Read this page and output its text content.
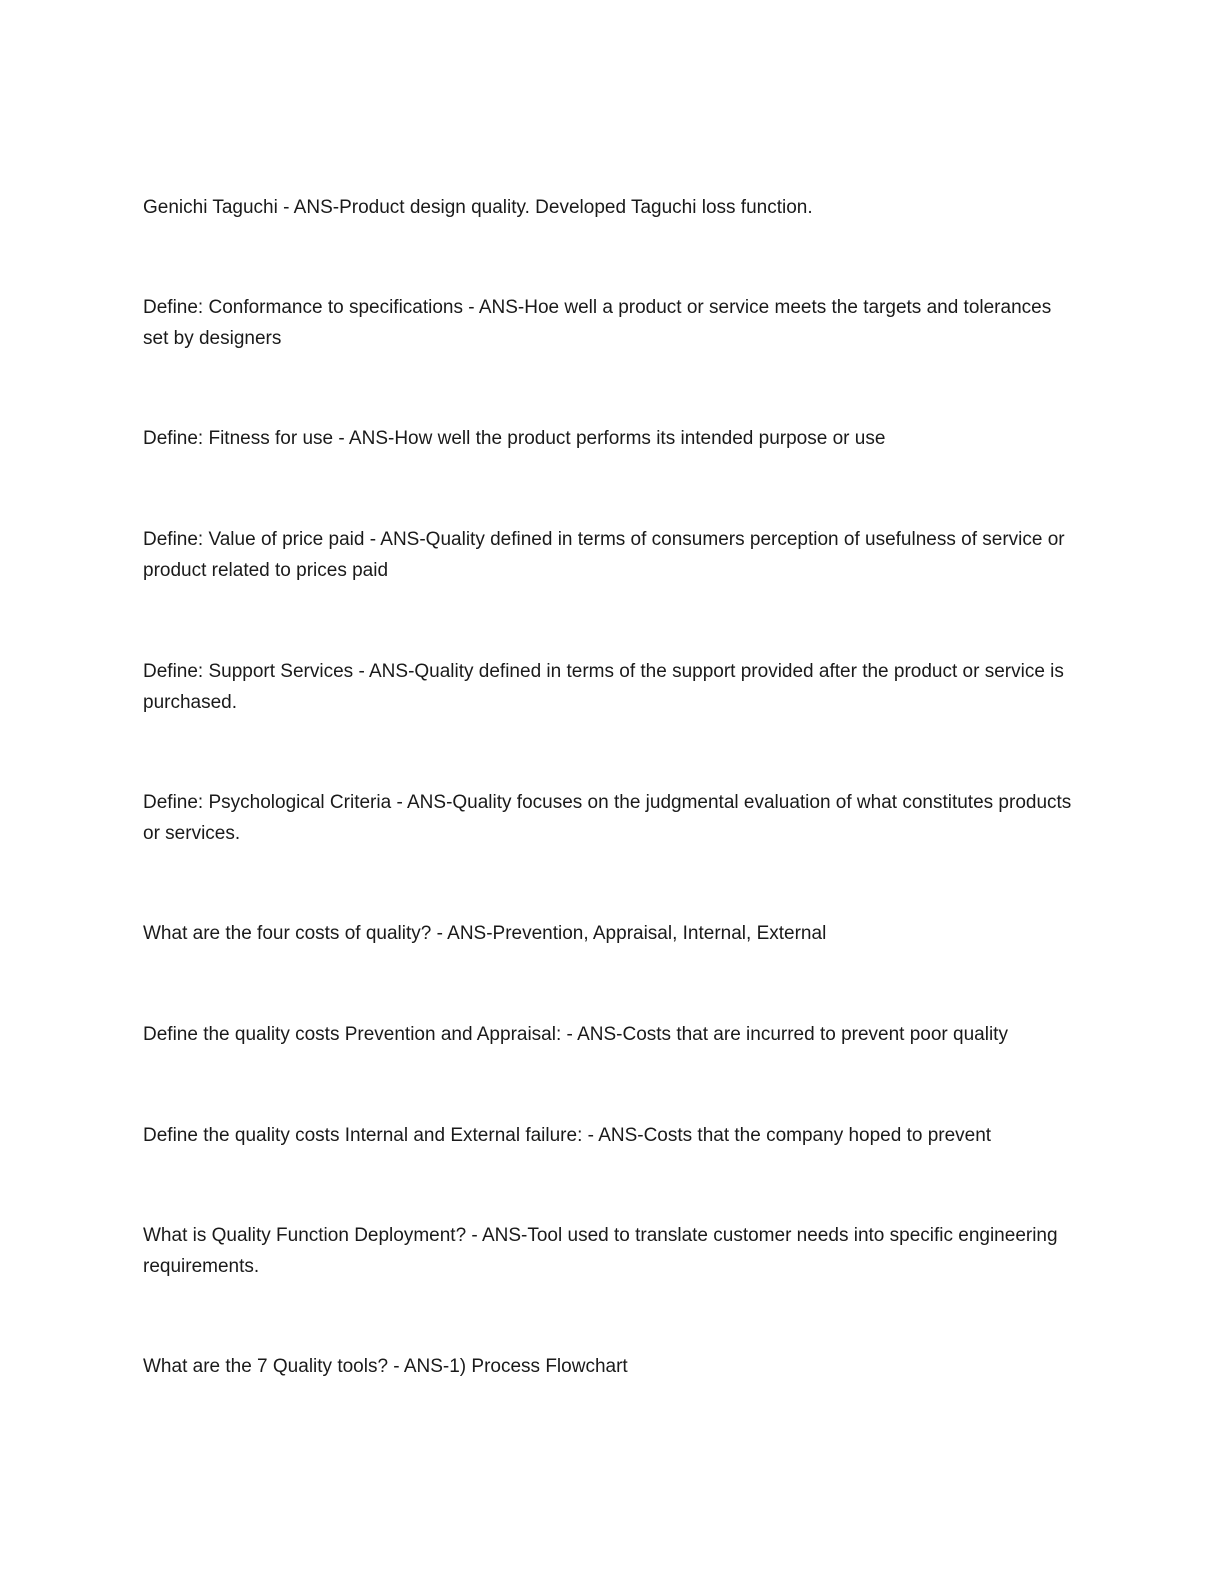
Genichi Taguchi - ANS-Product design quality. Developed Taguchi loss function.

Define: Conformance to specifications - ANS-Hoe well a product or service meets the targets and tolerances set by designers

Define: Fitness for use - ANS-How well the product performs its intended purpose or use

Define: Value of price paid - ANS-Quality defined in terms of consumers perception of usefulness of service or product related to prices paid

Define: Support Services - ANS-Quality defined in terms of the support provided after the product or service is purchased.

Define: Psychological Criteria - ANS-Quality focuses on the judgmental evaluation of what constitutes products or services.

What are the four costs of quality? - ANS-Prevention, Appraisal, Internal, External

Define the quality costs Prevention and Appraisal: - ANS-Costs that are incurred to prevent poor quality

Define the quality costs Internal and External failure: - ANS-Costs that the company hoped to prevent

What is Quality Function Deployment? - ANS-Tool used to translate customer needs into specific engineering requirements.

What are the 7 Quality tools? - ANS-1) Process Flowchart
